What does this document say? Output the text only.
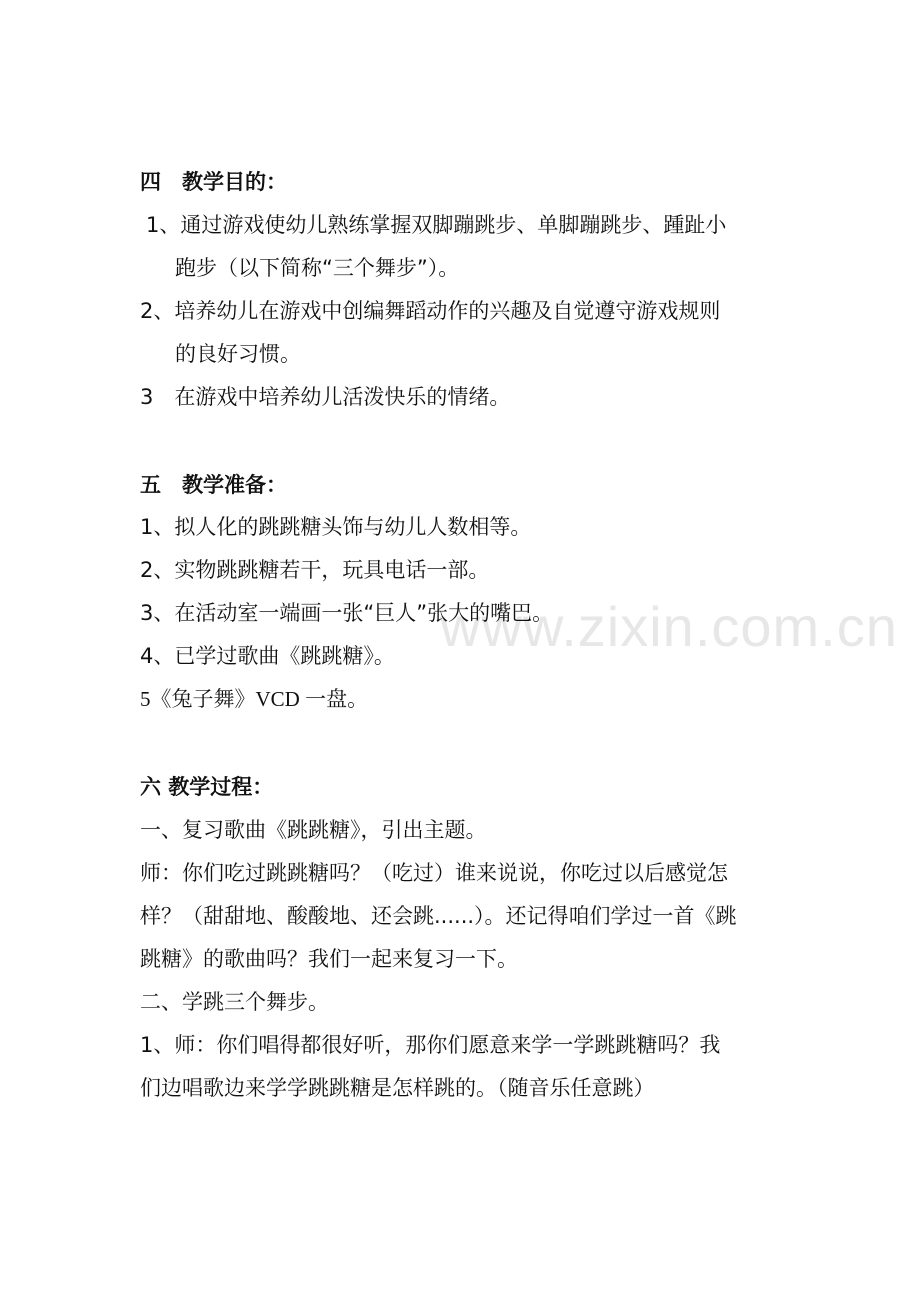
www.zixin.com.cn
四　教学目的：
1、通过游戏使幼儿熟练掌握双脚蹦跳步、单脚蹦跳步、踵趾小
跑步（以下简称“三个舞步”）。
2、培养幼儿在游戏中创编舞蹈动作的兴趣及自觉遵守游戏规则
的良好习惯。
3　在游戏中培养幼儿活泼快乐的情绪。
五　教学准备：
1、拟人化的跳跳糖头饰与幼儿人数相等。
2、实物跳跳糖若干，玩具电话一部。
3、在活动室一端画一张“巨人”张大的嘴巴。
4、已学过歌曲《跳跳糖》。
5《兔子舞》VCD 一盘。
六 教学过程：
一、复习歌曲《跳跳糖》，引出主题。
师：你们吃过跳跳糖吗？（吃过）谁来说说，你吃过以后感觉怎
样？（甜甜地、酸酸地、还会跳......）。还记得咱们学过一首《跳
跳糖》的歌曲吗？我们一起来复习一下。
二、学跳三个舞步。
1、师：你们唱得都很好听，那你们愿意来学一学跳跳糖吗？我
们边唱歌边来学学跳跳糖是怎样跳的。（随音乐任意跳）
